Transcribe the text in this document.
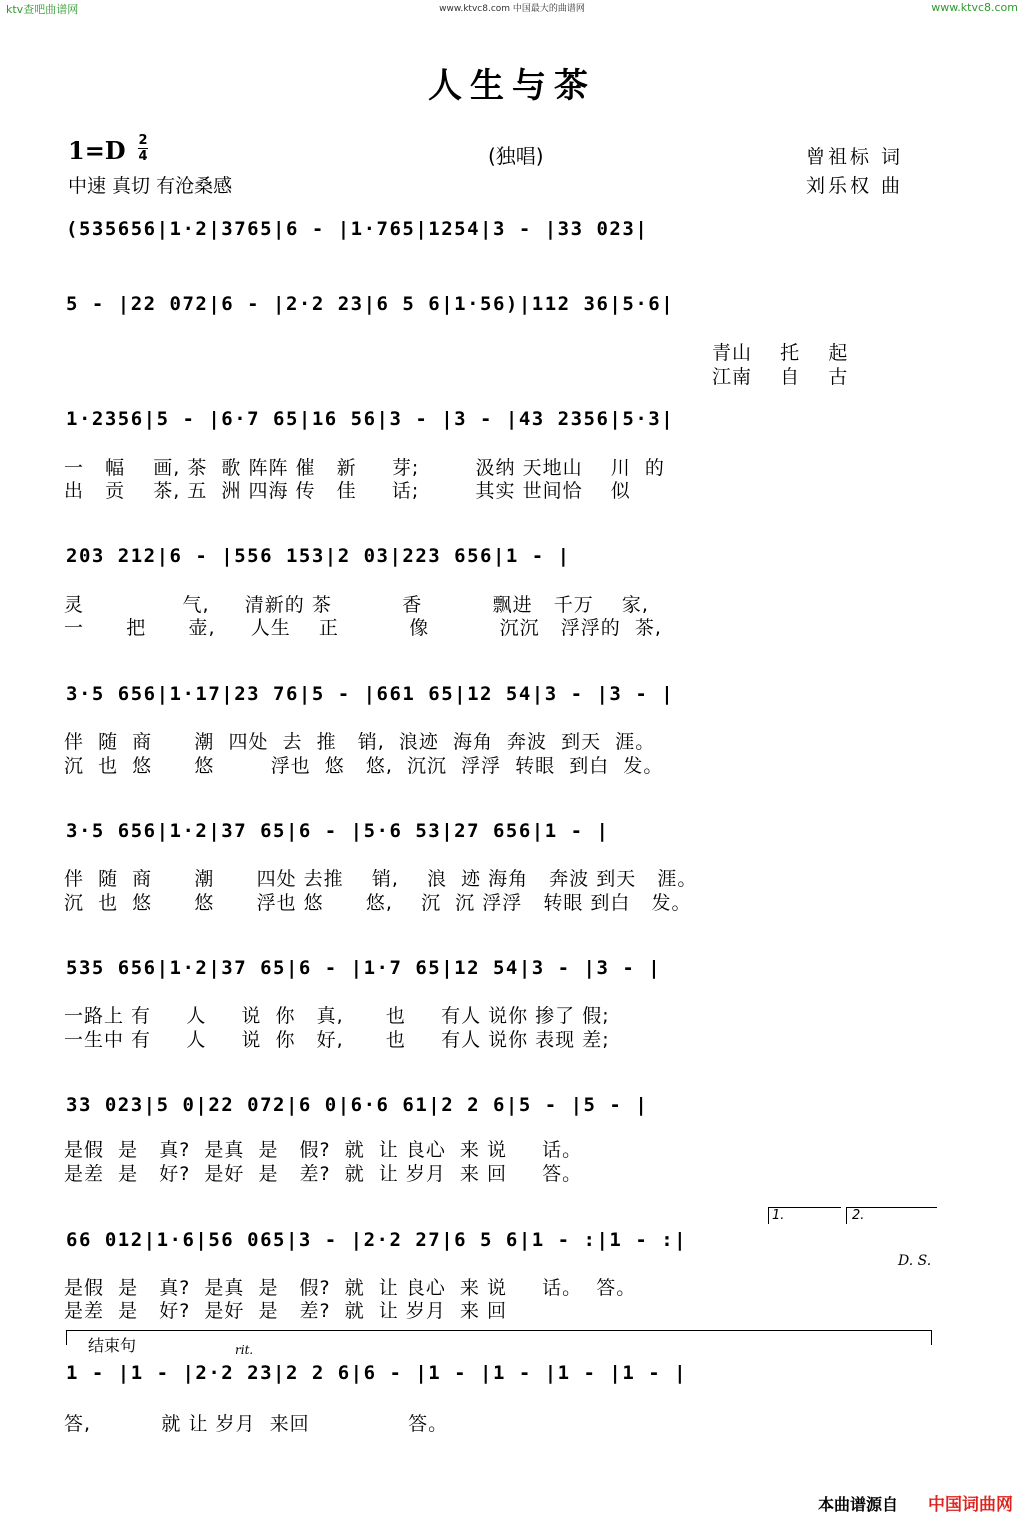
ktv查吧曲谱网	www.ktvc8.com 中国最大的曲谱网	www.ktvc8.com
人生与茶
1=D 2
4	(独唱)
中速 真切 有沧桑感
曾祖标 词
刘乐权 曲
(535656|1·2|3765|6 - |1·765|1254|3 - |33 023|
5 - |22 072|6 - |2·2 23|6 5 6|1·56)|112 36|5·6|
青山    托    起
江南    自    古
1·2356|5 - |6·7 65|16 56|3 - |3 - |43 2356|5·3|
一   幅    画, 茶  歌 阵阵 催   新     芽;        汲纳 天地山    川  的
出   贡    茶, 五  洲 四海 传   佳     话;        其实 世间恰    似
203 212|6 - |556 153|2 03|223 656|1 - |
灵              气,     清新的 茶          香          飘进   千万    家,
一      把      壶,     人生    正          像          沉沉   浮浮的  茶,
3·5 656|1·17|23 76|5 - |661 65|12 54|3 - |3 - |
伴  随  商      潮  四处  去  推   销,  浪迹  海角  奔波  到天  涯。
沉  也  悠      悠        浮也  悠   悠,  沉沉  浮浮  转眼  到白  发。
3·5 656|1·2|37 65|6 - |5·6 53|27 656|1 - |
伴  随  商      潮      四处 去推    销,    浪  迹 海角   奔波 到天   涯。
沉  也  悠      悠      浮也 悠      悠,    沉  沉 浮浮   转眼 到白   发。
535 656|1·2|37 65|6 - |1·7 65|12 54|3 - |3 - |
一路上 有     人     说  你   真,      也     有人 说你 掺了 假;
一生中 有     人     说  你   好,      也     有人 说你 表现 差;
33 023|5 0|22 072|6 0|6·6 61|2 2 6|5 - |5 - |
是假  是   真?  是真  是   假?  就  让 良心  来 说     话。
是差  是   好?  是好  是   差?  就  让 岁月  来 回     答。
1.	2.
66 012|1·6|56 065|3 - |2·2 27|6 5 6|1 - :|1 - :|
D. S.
是假  是   真?  是真  是   假?  就  让 良心  来 说     话。  答。
是差  是   好?  是好  是   差?  就  让 岁月  来 回
结束句	rit.
1 - |1 - |2·2 23|2 2 6|6 - |1 - |1 - |1 - |1 - |
答,          就 让 岁月  来回              答。
本曲谱源自 中国词曲网
